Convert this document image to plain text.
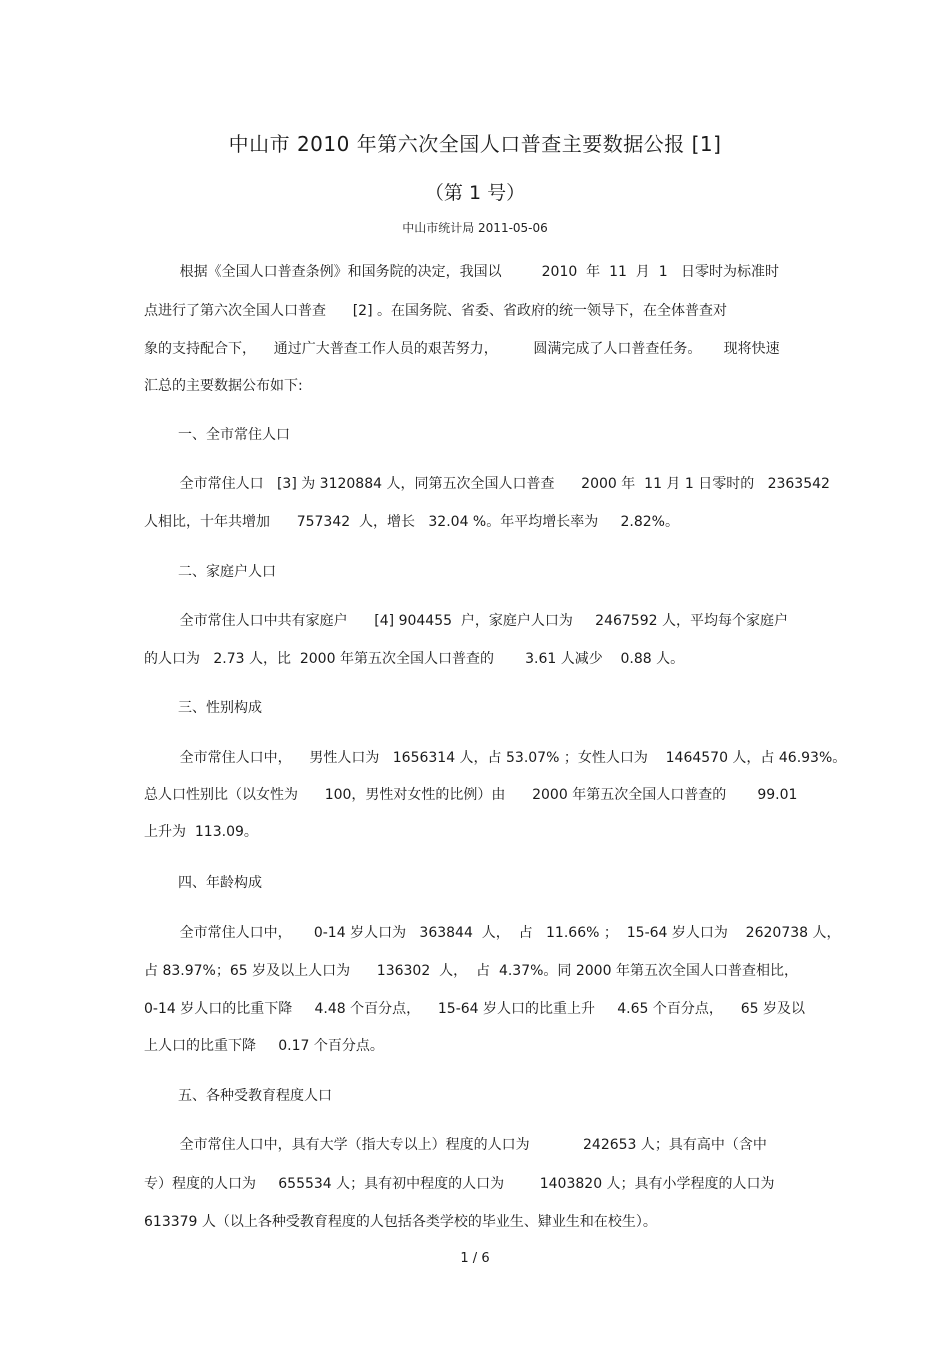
中山市 2010 年第六次全国人口普查主要数据公报 [1]
（第 1 号）
中山市统计局 2011-05-06
根据《全国人口普查条例》和国务院的决定，我国以         2010  年  11  月  1   日零时为标准时
点进行了第六次全国人口普查      [2] 。在国务院、省委、省政府的统一领导下，在全体普查对
象的支持配合下，    通过广大普查工作人员的艰苦努力，        圆满完成了人口普查任务。     现将快速
汇总的主要数据公布如下:
一、全市常住人口
全市常住人口   [3] 为 3120884 人，同第五次全国人口普查      2000 年  11 月 1 日零时的   2363542
人相比，十年共增加      757342  人，增长   32.04 %。年平均增长率为     2.82%。
二、家庭户人口
全市常住人口中共有家庭户      [4] 904455  户，家庭户人口为     2467592 人，平均每个家庭户
的人口为   2.73 人，比  2000 年第五次全国人口普查的       3.61 人减少    0.88 人。
三、性别构成
全市常住人口中，    男性人口为   1656314 人，占 53.07% ；女性人口为    1464570 人，占 46.93%。
总人口性别比（以女性为      100，男性对女性的比例）由      2000 年第五次全国人口普查的       99.01
上升为  113.09。
四、年龄构成
全市常住人口中，     0-14 岁人口为   363844  人，  占   11.66% ；  15-64 岁人口为    2620738 人，
占 83.97%；65 岁及以上人口为      136302  人，  占  4.37%。同 2000 年第五次全国人口普查相比，
0-14 岁人口的比重下降     4.48 个百分点，    15-64 岁人口的比重上升     4.65 个百分点，    65 岁及以
上人口的比重下降     0.17 个百分点。
五、各种受教育程度人口
全市常住人口中，具有大学（指大专以上）程度的人口为            242653 人；具有高中（含中
专）程度的人口为     655534 人；具有初中程度的人口为        1403820 人；具有小学程度的人口为
613379 人（以上各种受教育程度的人包括各类学校的毕业生、肄业生和在校生）。
1 / 6
